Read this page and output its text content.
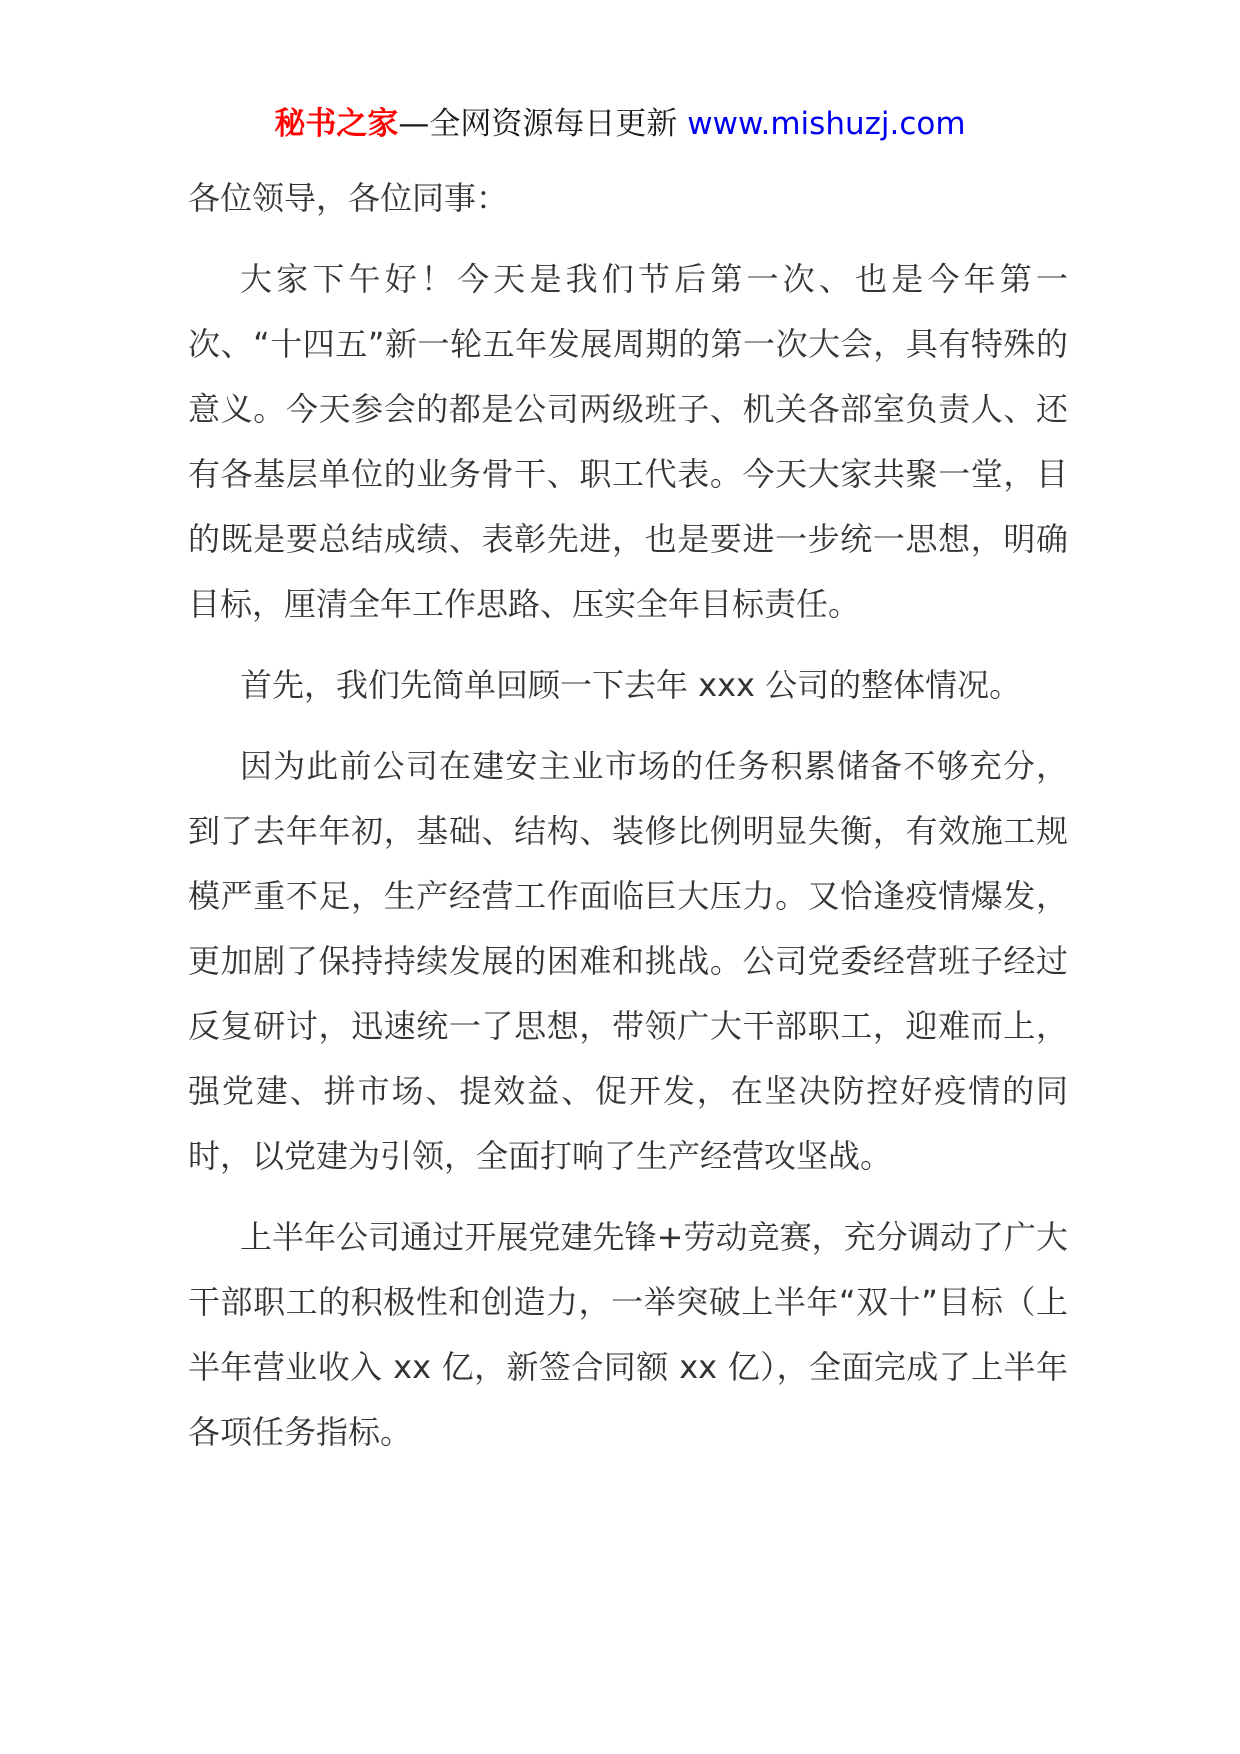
秘书之家—全网资源每日更新 www.mishuzj.com

各位领导，各位同事：

大家下午好！今天是我们节后第一次、也是今年第一次、“十四五”新一轮五年发展周期的第一次大会，具有特殊的意义。今天参会的都是公司两级班子、机关各部室负责人、还有各基层单位的业务骨干、职工代表。今天大家共聚一堂，目的既是要总结成绩、表彰先进，也是要进一步统一思想，明确目标，厘清全年工作思路、压实全年目标责任。

首先，我们先简单回顾一下去年 xxx 公司的整体情况。

因为此前公司在建安主业市场的任务积累储备不够充分，到了去年年初，基础、结构、装修比例明显失衡，有效施工规模严重不足，生产经营工作面临巨大压力。又恰逢疫情爆发，更加剧了保持持续发展的困难和挑战。公司党委经营班子经过反复研讨，迅速统一了思想，带领广大干部职工，迎难而上，强党建、拼市场、提效益、促开发，在坚决防控好疫情的同时，以党建为引领，全面打响了生产经营攻坚战。

上半年公司通过开展党建先锋+劳动竞赛，充分调动了广大干部职工的积极性和创造力，一举突破上半年“双十”目标（上半年营业收入 xx 亿，新签合同额 xx 亿），全面完成了上半年各项任务指标。
